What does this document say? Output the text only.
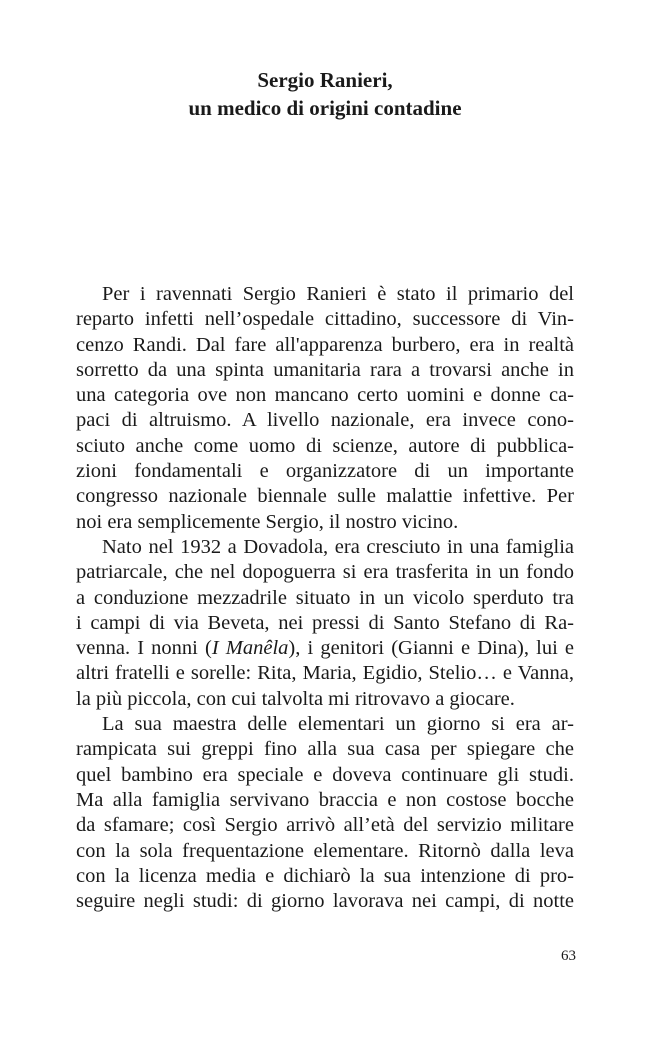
Sergio Ranieri,
un medico di origini contadine
Per i ravennati Sergio Ranieri è stato il primario del
reparto infetti nell’ospedale cittadino, successore di Vin-
cenzo Randi. Dal fare all'apparenza burbero, era in realtà
sorretto da una spinta umanitaria rara a trovarsi anche in
una categoria ove non mancano certo uomini e donne ca-
paci di altruismo. A livello nazionale, era invece cono-
sciuto anche come uomo di scienze, autore di pubblica-
zioni fondamentali e organizzatore di un importante
congresso nazionale biennale sulle malattie infettive. Per
noi era semplicemente Sergio, il nostro vicino.
Nato nel 1932 a Dovadola, era cresciuto in una famiglia
patriarcale, che nel dopoguerra si era trasferita in un fondo
a conduzione mezzadrile situato in un vicolo sperduto tra
i campi di via Beveta, nei pressi di Santo Stefano di Ra-
venna. I nonni (I Manêla), i genitori (Gianni e Dina), lui e
altri fratelli e sorelle: Rita, Maria, Egidio, Stelio… e Vanna,
la più piccola, con cui talvolta mi ritrovavo a giocare.
La sua maestra delle elementari un giorno si era ar-
rampicata sui greppi fino alla sua casa per spiegare che
quel bambino era speciale e doveva continuare gli studi.
Ma alla famiglia servivano braccia e non costose bocche
da sfamare; così Sergio arrivò all’età del servizio militare
con la sola frequentazione elementare. Ritornò dalla leva
con la licenza media e dichiarò la sua intenzione di pro-
seguire negli studi: di giorno lavorava nei campi, di notte
63
